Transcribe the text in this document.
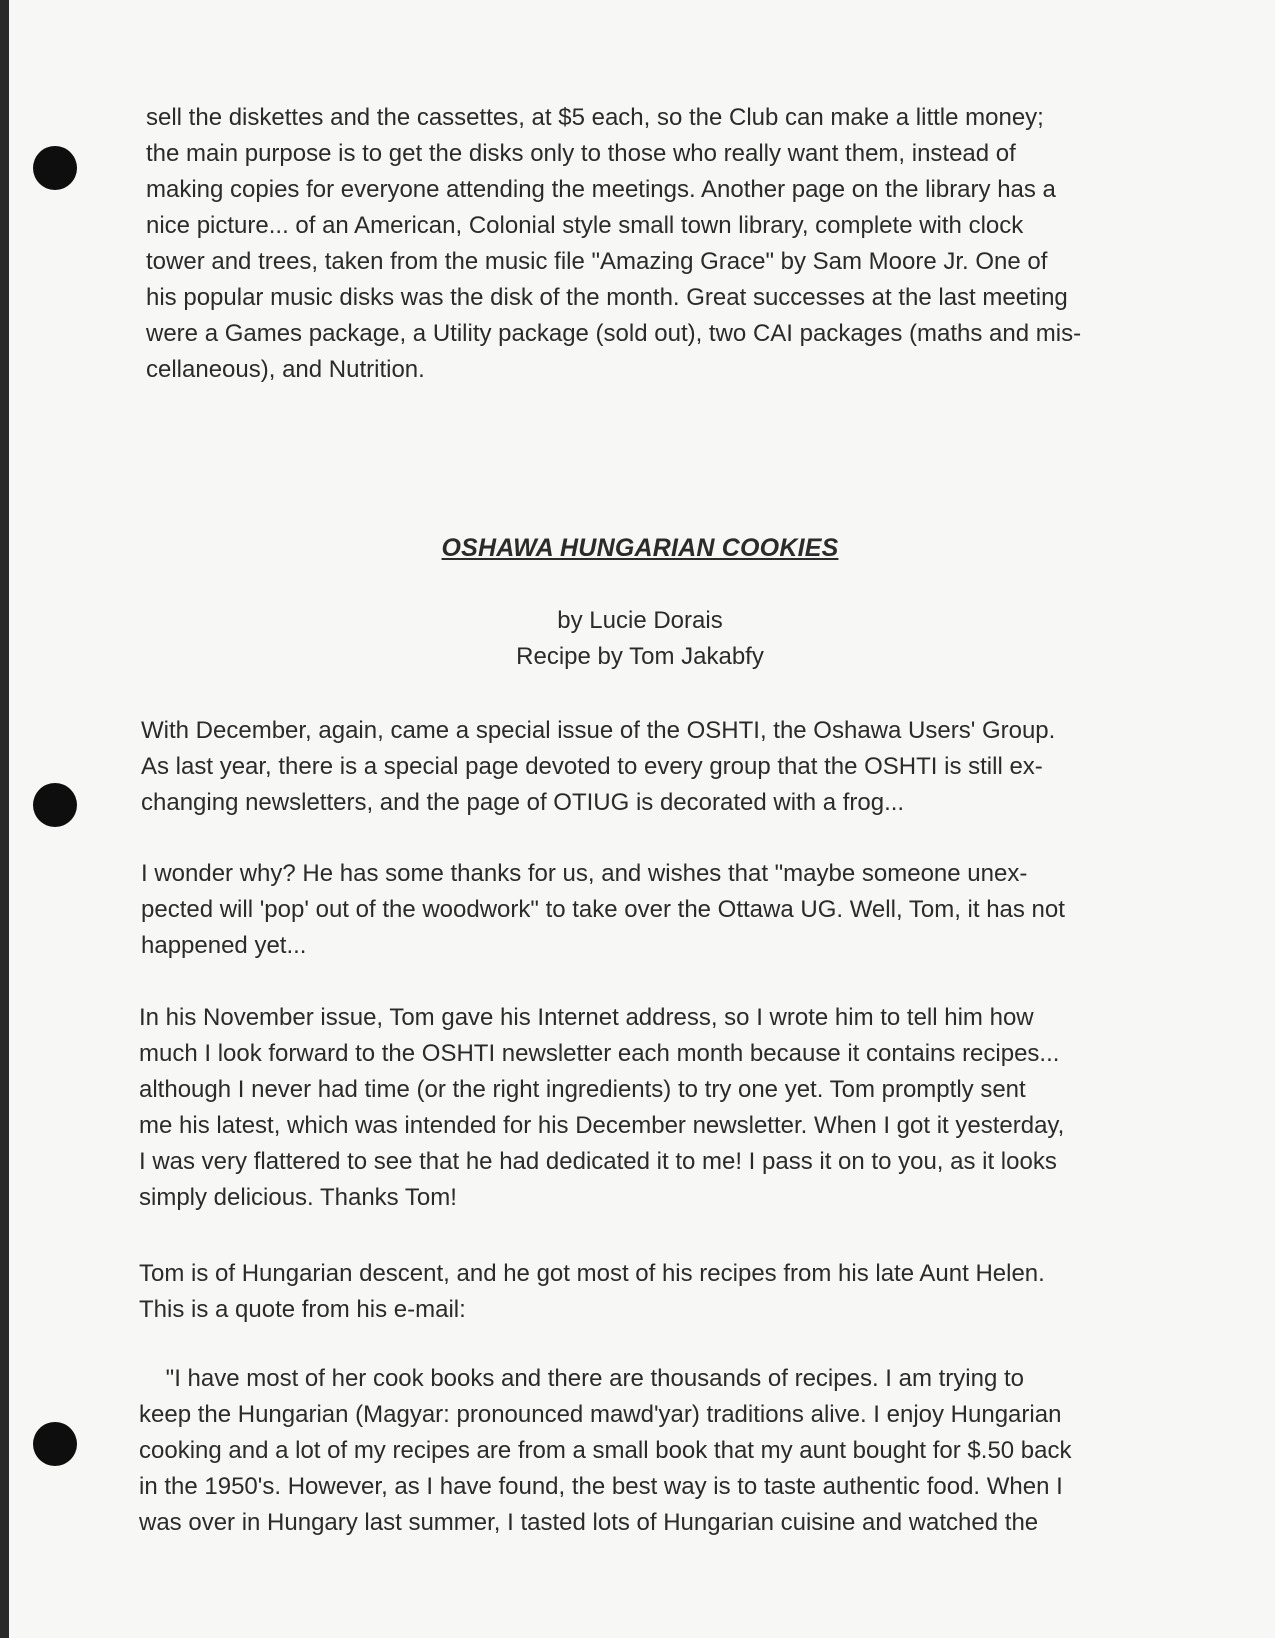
sell the diskettes and the cassettes, at $5 each, so the Club can make a little money;
the main purpose is to get the disks only to those who really want them, instead of
making copies for everyone attending the meetings. Another page on the library has a
nice picture... of an American, Colonial style small town library, complete with clock
tower and trees, taken from the music file "Amazing Grace" by Sam Moore Jr. One of
his popular music disks was the disk of the month. Great successes at the last meeting
were a Games package, a Utility package (sold out), two CAI packages (maths and mis-
cellaneous), and Nutrition.
OSHAWA HUNGARIAN COOKIES
by Lucie Dorais
Recipe by Tom Jakabfy
With December, again, came a special issue of the OSHTI, the Oshawa Users' Group.
As last year, there is a special page devoted to every group that the OSHTI is still ex-
changing newsletters, and the page of OTIUG is decorated with a frog...
I wonder why? He has some thanks for us, and wishes that "maybe someone unex-
pected will 'pop' out of the woodwork" to take over the Ottawa UG. Well, Tom, it has not
happened yet...
In his November issue, Tom gave his Internet address, so I wrote him to tell him how
much I look forward to the OSHTI newsletter each month because it contains recipes...
although I never had time (or the right ingredients) to try one yet. Tom promptly sent
me his latest, which was intended for his December newsletter. When I got it yesterday,
I was very flattered to see that he had dedicated it to me! I pass it on to you, as it looks
simply delicious. Thanks Tom!
Tom is of Hungarian descent, and he got most of his recipes from his late Aunt Helen.
This is a quote from his e-mail:
"I have most of her cook books and there are thousands of recipes. I am trying to
keep the Hungarian (Magyar: pronounced mawd'yar) traditions alive. I enjoy Hungarian
cooking and a lot of my recipes are from a small book that my aunt bought for $.50 back
in the 1950's. However, as I have found, the best way is to taste authentic food. When I
was over in Hungary last summer, I tasted lots of Hungarian cuisine and watched the
